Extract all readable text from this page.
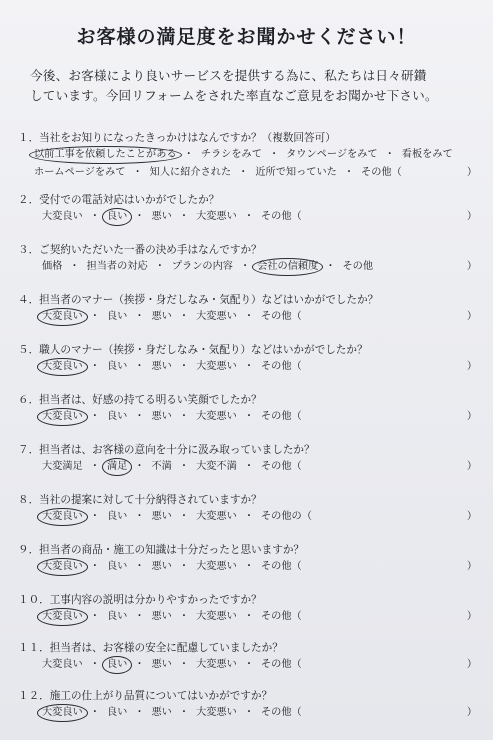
お客様の満足度をお聞かせください！
今後、お客様により良いサービスを提供する為に、私たちは日々研鑽
しています。今回リフォームをされた率直なご意見をお聞かせ下さい。
１．当社をお知りになったきっかけはなんですか？（複数回答可）
以前工事を依頼したことがある ・ チラシをみて ・ タウンページをみて ・ 看板をみて
ホームページをみて ・ 知人に紹介された ・ 近所で知っていた ・ その他（	）
２．受付での電話対応はいかがでしたか？
大変良い ・ 良い ・ 悪い ・ 大変悪い ・ その他（	）
３．ご契約いただいた一番の決め手はなんですか？
価格 ・ 担当者の対応 ・ プランの内容 ・ 会社の信頼度 ・ その他	）
４．担当者のマナー（挨拶・身だしなみ・気配り）などはいかがでしたか？
大変良い ・ 良い ・ 悪い ・ 大変悪い ・ その他（	）
５．職人のマナー（挨拶・身だしなみ・気配り）などはいかがでしたか？
大変良い ・ 良い ・ 悪い ・ 大変悪い ・ その他（	）
６．担当者は、好感の持てる明るい笑顔でしたか？
大変良い ・ 良い ・ 悪い ・ 大変悪い ・ その他（	）
７．担当者は、お客様の意向を十分に汲み取っていましたか？
大変満足 ・ 満足 ・ 不満 ・ 大変不満 ・ その他（	）
８．当社の提案に対して十分納得されていますか？
大変良い ・ 良い ・ 悪い ・ 大変悪い ・ その他の（	）
９．担当者の商品・施工の知識は十分だったと思いますか？
大変良い ・ 良い ・ 悪い ・ 大変悪い ・ その他（	）
１０．工事内容の説明は分かりやすかったですか？
大変良い ・ 良い ・ 悪い ・ 大変悪い ・ その他（	）
１１．担当者は、お客様の安全に配慮していましたか？
大変良い ・ 良い ・ 悪い ・ 大変悪い ・ その他（	）
１２．施工の仕上がり品質についてはいかがですか？
大変良い ・ 良い ・ 悪い ・ 大変悪い ・ その他（	）
